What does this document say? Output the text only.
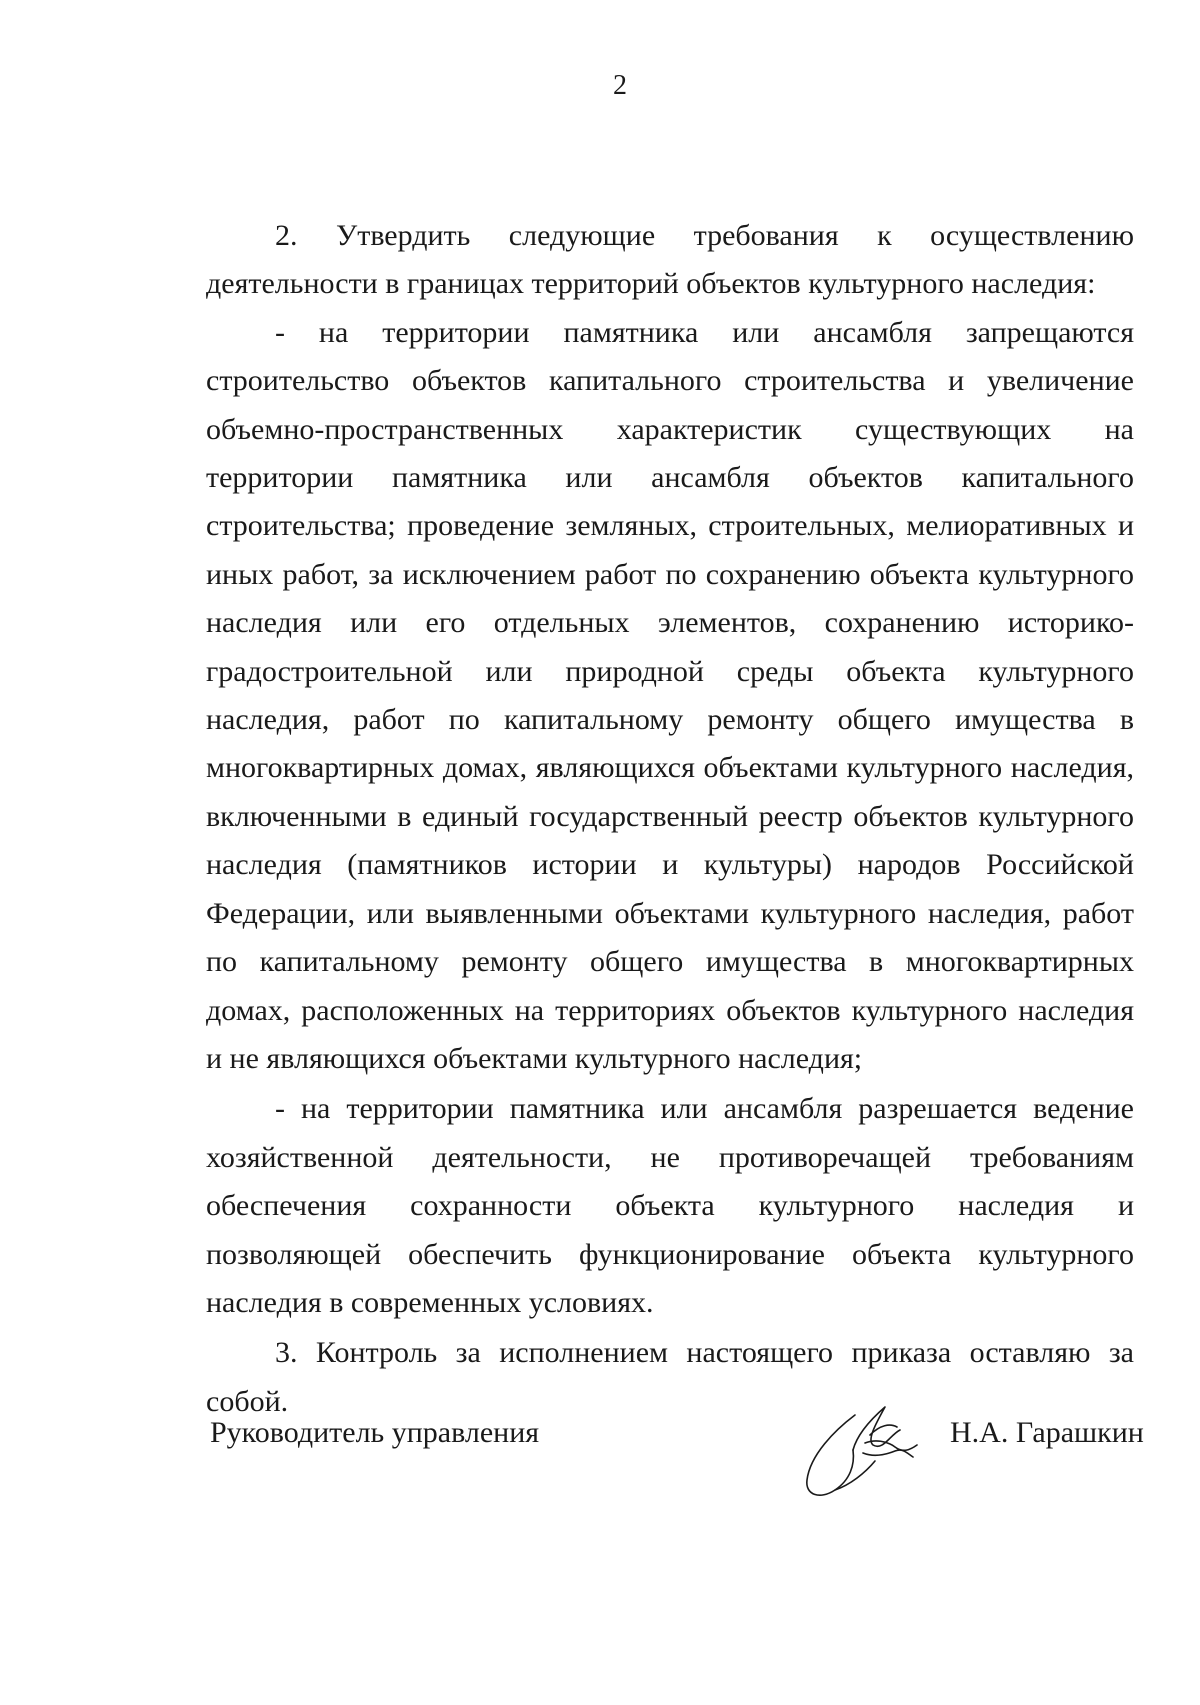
2

2. Утвердить следующие требования к осуществлению деятельности в границах территорий объектов культурного наследия:

- на территории памятника или ансамбля запрещаются строительство объектов капитального строительства и увеличение объемно-пространственных характеристик существующих на территории памятника или ансамбля объектов капитального строительства; проведение земляных, строительных, мелиоративных и иных работ, за исключением работ по сохранению объекта культурного наследия или его отдельных элементов, сохранению историко-градостроительной или природной среды объекта культурного наследия, работ по капитальному ремонту общего имущества в многоквартирных домах, являющихся объектами культурного наследия, включенными в единый государственный реестр объектов культурного наследия (памятников истории и культуры) народов Российской Федерации, или выявленными объектами культурного наследия, работ по капитальному ремонту общего имущества в многоквартирных домах, расположенных на территориях объектов культурного наследия и не являющихся объектами культурного наследия;

- на территории памятника или ансамбля разрешается ведение хозяйственной деятельности, не противоречащей требованиям обеспечения сохранности объекта культурного наследия и позволяющей обеспечить функционирование объекта культурного наследия в современных условиях.

3. Контроль за исполнением настоящего приказа оставляю за собой.

Руководитель управления	Н.А. Гарашкин
